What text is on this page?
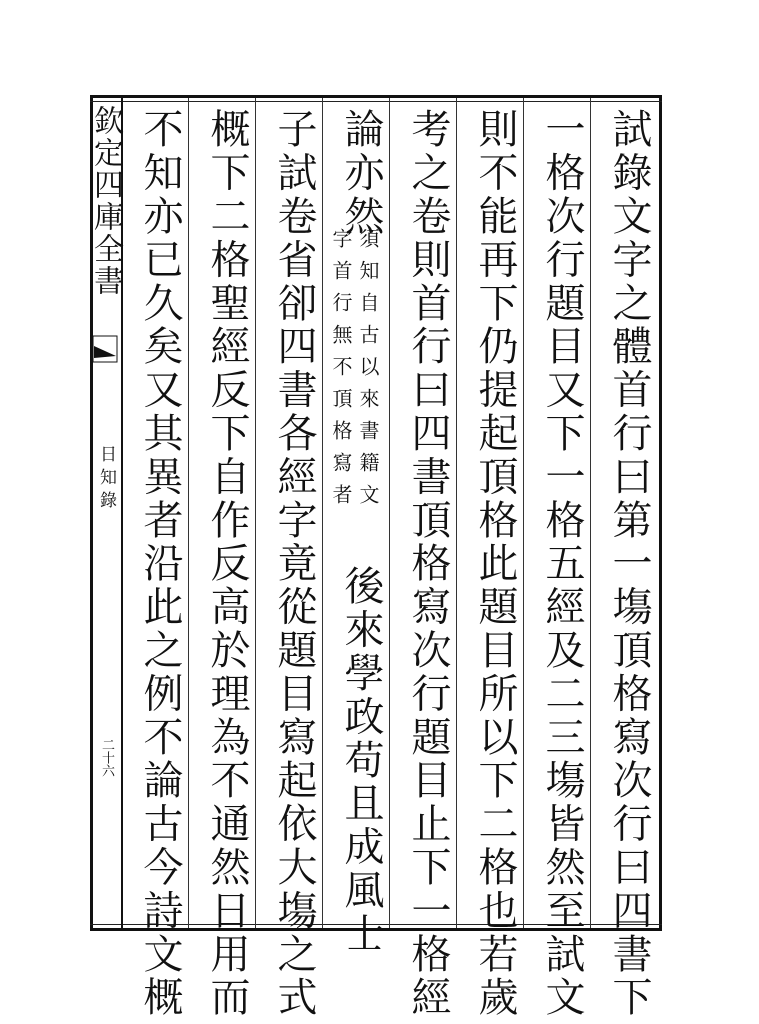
欽定四庫全書
日知錄
二十六	試錄文字之體首行曰第一塲頂格寫次行曰四書下
一格次行題目又下一格五經及二三塲皆然至試文
則不能再下仍提起頂格此題目所以下二格也若歲
考之卷則首行曰四書頂格寫次行題目止下一格經
論亦然
須知自古以來書籍文
字首行無不頂格寫者
後來學政苟且成風士
子試卷省卻四書各經字竟從題目寫起依大塲之式
概下二格聖經反下自作反高於理為不通然日用而
不知亦已久矣又其異者沿此之例不論古今詩文概
